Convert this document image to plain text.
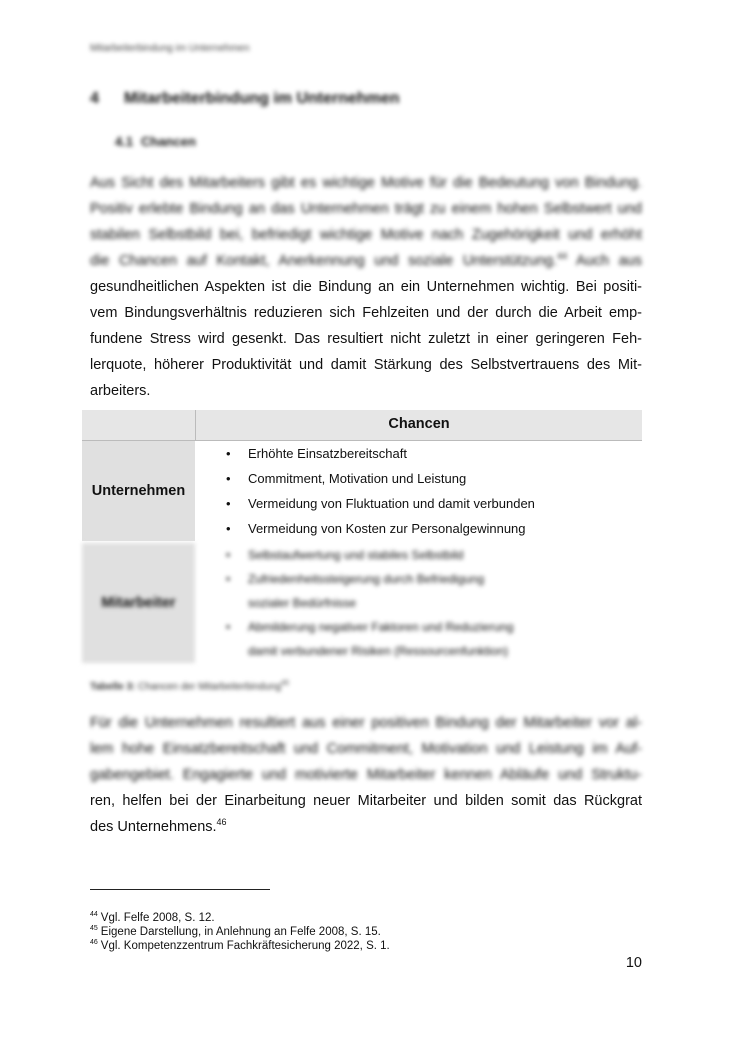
Mitarbeiterbindung im Unternehmen
4 Mitarbeiterbindung im Unternehmen
4.1 Chancen
Aus Sicht des Mitarbeiters gibt es wichtige Motive für die Bedeutung von Bindung.
Positiv erlebte Bindung an das Unternehmen trägt zu einem hohen Selbstwert und
stabilen Selbstbild bei, befriedigt wichtige Motive nach Zugehörigkeit und erhöht
die Chancen auf Kontakt, Anerkennung und soziale Unterstützung.$^{44}$ Auch aus
gesundheitlichen Aspekten ist die Bindung an ein Unternehmen wichtig. Bei positi-
vem Bindungsverhältnis reduzieren sich Fehlzeiten und der durch die Arbeit emp-
fundene Stress wird gesenkt. Das resultiert nicht zuletzt in einer geringeren Feh-
lerquote, höherer Produktivität und damit Stärkung des Selbstvertrauens des Mit-
arbeiters.
Chancen
Unternehmen
• Erhöhte Einsatzbereitschaft
• Commitment, Motivation und Leistung
• Vermeidung von Fluktuation und damit verbunden
• Vermeidung von Kosten zur Personalgewinnung
Mitarbeiter
• Selbstaufwertung und stabiles Selbstbild
• Zufriedenheitssteigerung durch Befriedigung
sozialer Bedürfnisse
• Abmilderung negativer Faktoren und Reduzierung
damit verbundener Risiken (Ressourcenfunktion)
Tabelle 3: Chancen der Mitarbeiterbindung$^{45}$
Für die Unternehmen resultiert aus einer positiven Bindung der Mitarbeiter vor al-
lem hohe Einsatzbereitschaft und Commitment, Motivation und Leistung im Auf-
gabengebiet. Engagierte und motivierte Mitarbeiter kennen Abläufe und Struktu-
ren, helfen bei der Einarbeitung neuer Mitarbeiter und bilden somit das Rückgrat
des Unternehmens.$^{46}$
$^{44}$ Vgl. Felfe 2008, S. 12.
$^{45}$ Eigene Darstellung, in Anlehnung an Felfe 2008, S. 15.
$^{46}$ Vgl. Kompetenzzentrum Fachkräftesicherung 2022, S. 1.
10
